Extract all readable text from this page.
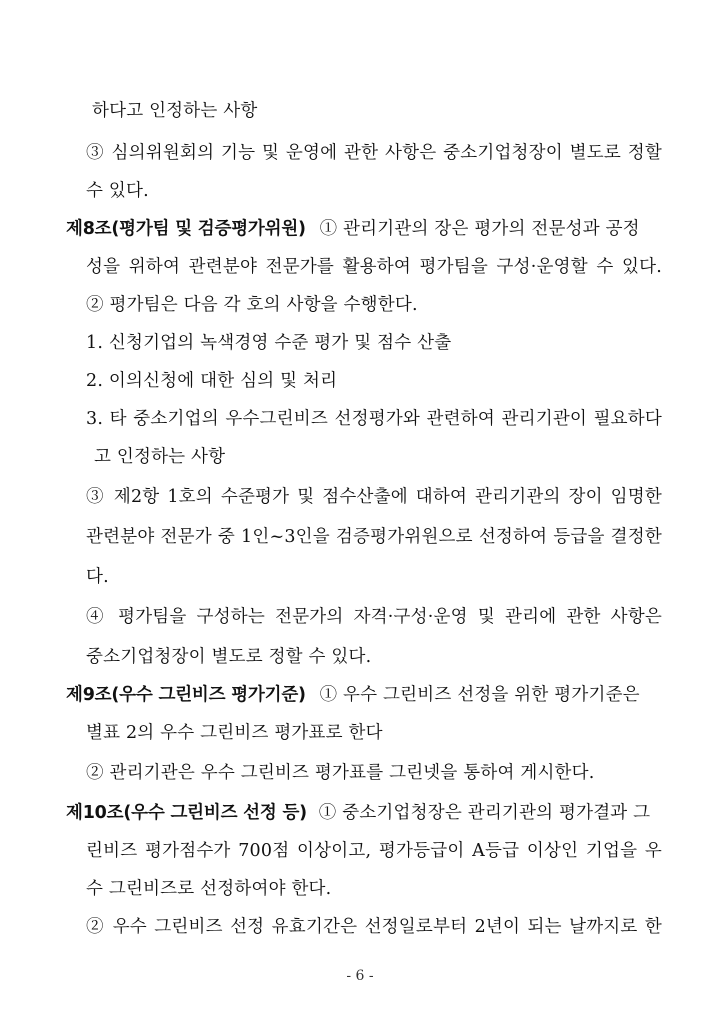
하다고 인정하는 사항
③ 심의위원회의 기능 및 운영에 관한 사항은 중소기업청장이 별도로 정할
수 있다.
제8조(평가팀 및 검증평가위원) ① 관리기관의 장은 평가의 전문성과 공정
성을 위하여 관련분야 전문가를 활용하여 평가팀을 구성·운영할 수 있다.
② 평가팀은 다음 각 호의 사항을 수행한다.
1. 신청기업의 녹색경영 수준 평가 및 점수 산출
2. 이의신청에 대한 심의 및 처리
3. 타 중소기업의 우수그린비즈 선정평가와 관련하여 관리기관이 필요하다
고 인정하는 사항
③ 제2항 1호의 수준평가 및 점수산출에 대하여 관리기관의 장이 임명한
관련분야 전문가 중 1인~3인을 검증평가위원으로 선정하여 등급을 결정한
다.
④ 평가팀을 구성하는 전문가의 자격·구성·운영 및 관리에 관한 사항은
중소기업청장이 별도로 정할 수 있다.
제9조(우수 그린비즈 평가기준) ① 우수 그린비즈 선정을 위한 평가기준은
별표 2의 우수 그린비즈 평가표로 한다
② 관리기관은 우수 그린비즈 평가표를 그린넷을 통하여 게시한다.
제10조(우수 그린비즈 선정 등) ① 중소기업청장은 관리기관의 평가결과 그
린비즈 평가점수가 700점 이상이고, 평가등급이 A등급 이상인 기업을 우
수 그린비즈로 선정하여야 한다.
② 우수 그린비즈 선정 유효기간은 선정일로부터 2년이 되는 날까지로 한
- 6 -
